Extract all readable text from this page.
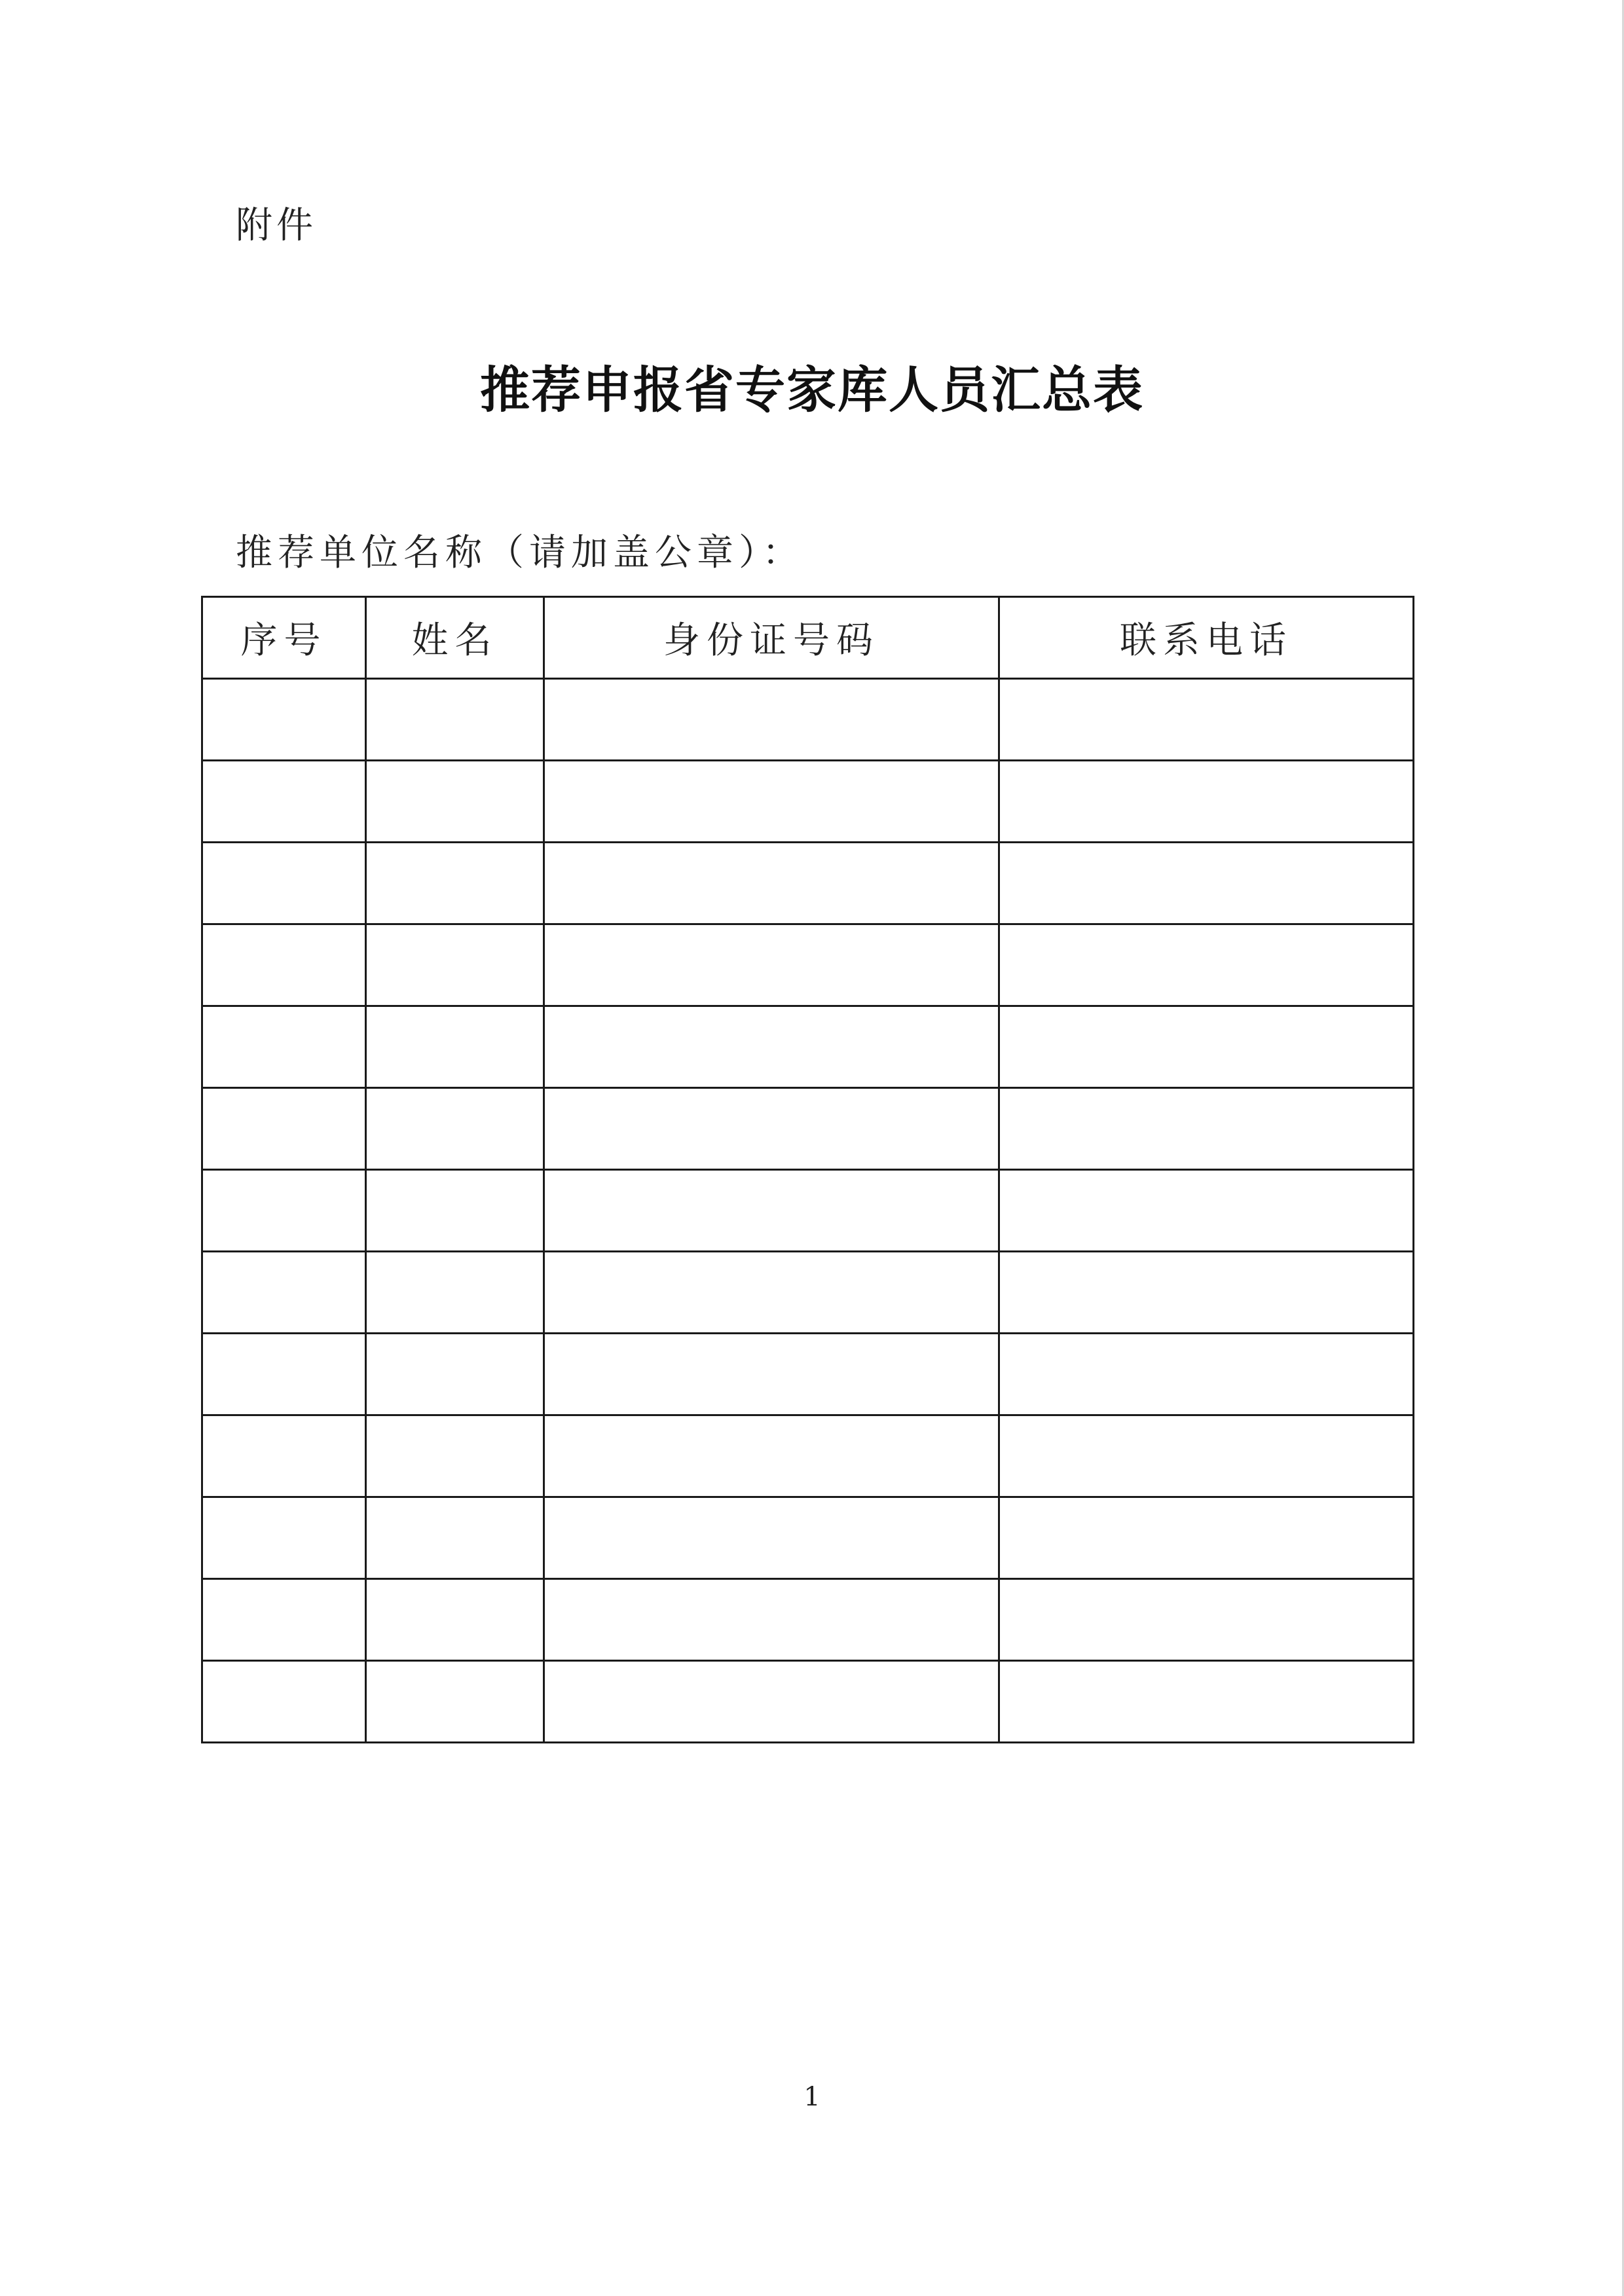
附件
推荐申报省专家库人员汇总表
推荐单位名称（请加盖公章）：
序号	姓名	身份证号码	联系电话

1
